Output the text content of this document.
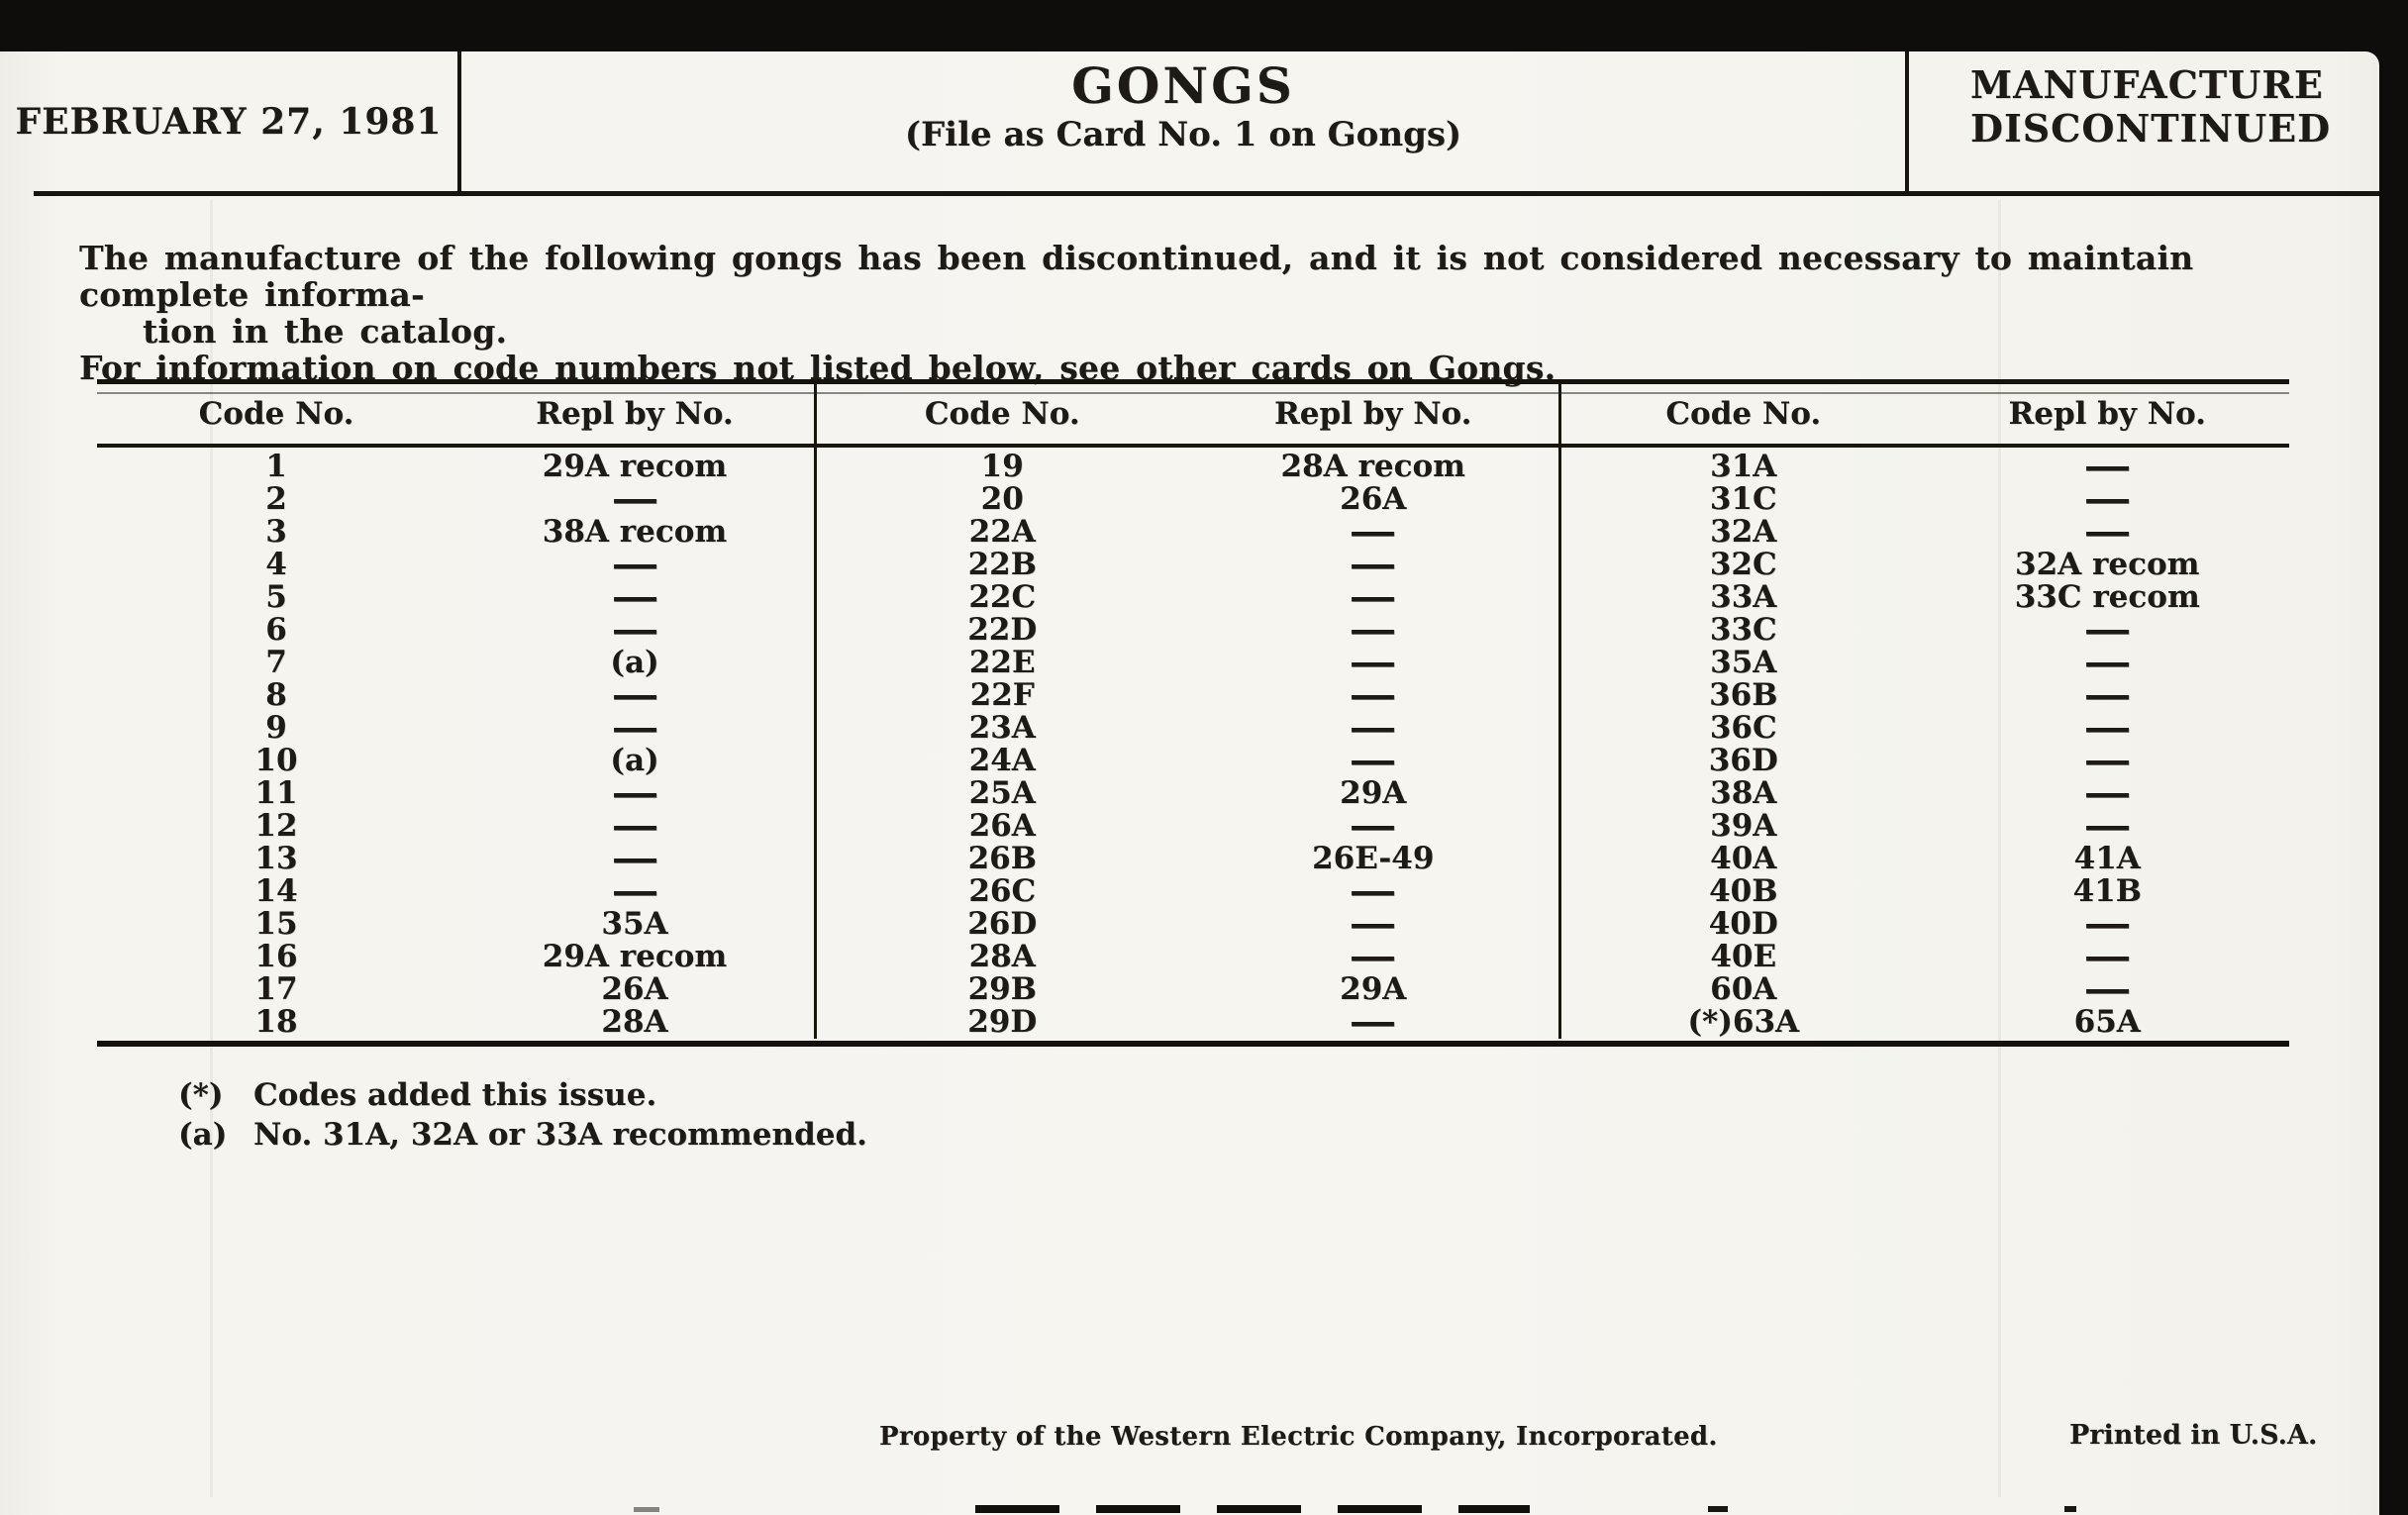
FEBRUARY 27, 1981
GONGS
(File as Card No. 1 on Gongs)
MANUFACTURE
DISCONTINUED
The manufacture of the following gongs has been discontinued, and it is not considered necessary to maintain complete informa-
tion in the catalog.
For information on code numbers not listed below, see other cards on Gongs.
Code No.	Repl by No.
1	29A recom
2	—
3	38A recom
4	—
5	—
6	—
7	(a)
8	—
9	—
10	(a)
11	—
12	—
13	—
14	—
15	35A
16	29A recom
17	26A
18	28A
Code No.	Repl by No.
19	28A recom
20	26A
22A	—
22B	—
22C	—
22D	—
22E	—
22F	—
23A	—
24A	—
25A	29A
26A	—
26B	26E-49
26C	—
26D	—
28A	—
29B	29A
29D	—
Code No.	Repl by No.
31A	—
31C	—
32A	—
32C	32A recom
33A	33C recom
33C	—
35A	—
36B	—
36C	—
36D	—
38A	—
39A	—
40A	41A
40B	41B
40D	—
40E	—
60A	—
(*)63A	65A
(*) Codes added this issue.
(a) No. 31A, 32A or 33A recommended.
Property of the Western Electric Company, Incorporated.	Printed in U.S.A.
